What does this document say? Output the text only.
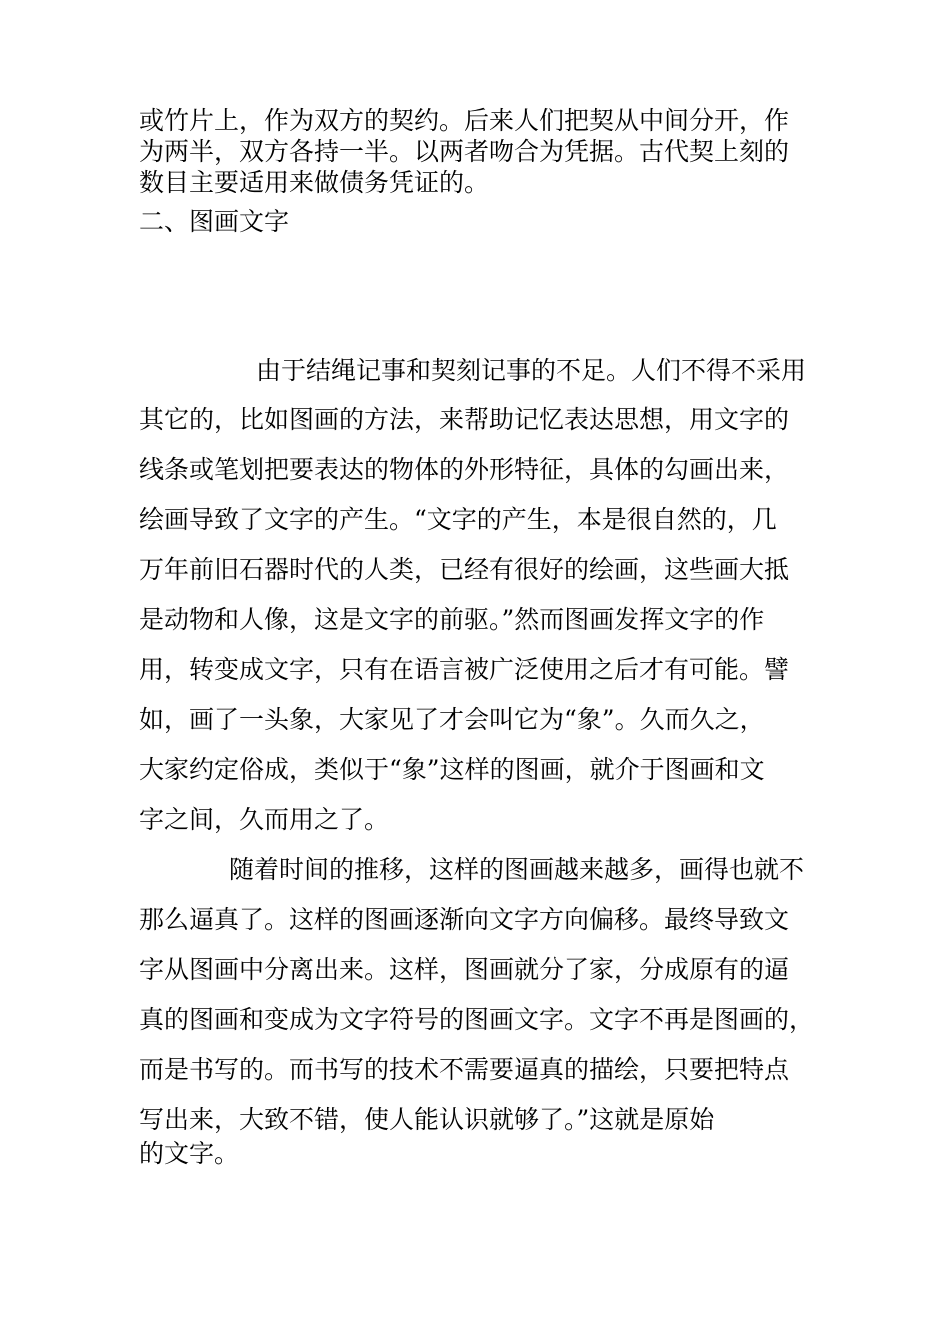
或竹片上，作为双方的契约。后来人们把契从中间分开，作
为两半，双方各持一半。以两者吻合为凭据。古代契上刻的
数目主要适用来做债务凭证的。
二、图画文字
由于结绳记事和契刻记事的不足。人们不得不采用
其它的，比如图画的方法，来帮助记忆表达思想，用文字的
线条或笔划把要表达的物体的外形特征，具体的勾画出来，
绘画导致了文字的产生。“文字的产生，本是很自然的，几
万年前旧石器时代的人类，已经有很好的绘画，这些画大抵
是动物和人像，这是文字的前驱。”然而图画发挥文字的作
用，转变成文字，只有在语言被广泛使用之后才有可能。譬
如，画了一头象，大家见了才会叫它为“象”。久而久之，
大家约定俗成，类似于“象”这样的图画，就介于图画和文
字之间，久而用之了。
随着时间的推移，这样的图画越来越多，画得也就不
那么逼真了。这样的图画逐渐向文字方向偏移。最终导致文
字从图画中分离出来。这样，图画就分了家，分成原有的逼
真的图画和变成为文字符号的图画文字。文字不再是图画的，
而是书写的。而书写的技术不需要逼真的描绘，只要把特点
写出来，大致不错，使人能认识就够了。”这就是原始
的文字。
